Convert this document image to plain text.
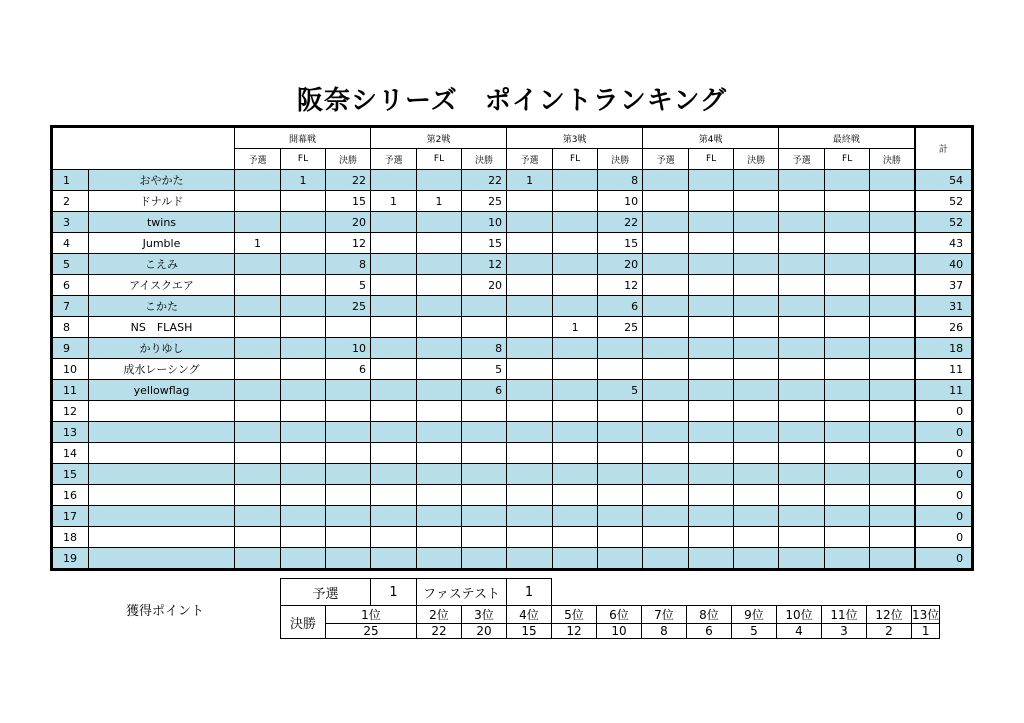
阪奈シリーズ　ポイントランキング
		開幕戦			第2戦			第3戦			第4戦			最終戦			計
		予選	FL	決勝	予選	FL	決勝	予選	FL	決勝	予選	FL	決勝	予選	FL	決勝	
1	おやかた		1	22			22	1		8							54
2	ドナルド			15	1	1	25			10							52
3	twins			20			10			22							52
4	Jumble	1		12			15			15							43
5	こえみ			8			12			20							40
6	アイスクエア			5			20			12							37
7	こかた			25						6							31
8	NS　FLASH								1	25							26
9	かりゆし			10			8										18
10	成水レーシング			6			5										11
11	yellowflag						6			5							11
12																	0
13																	0
14																	0
15																	0
16																	0
17																	0
18																	0
19																	0
獲得ポイント
予選		1	ファステスト		1									
決勝	1位		2位	3位	4位	5位	6位	7位	8位	9位	10位	11位	12位	13位
	25		22	20	15	12	10	8	6	5	4	3	2	1
